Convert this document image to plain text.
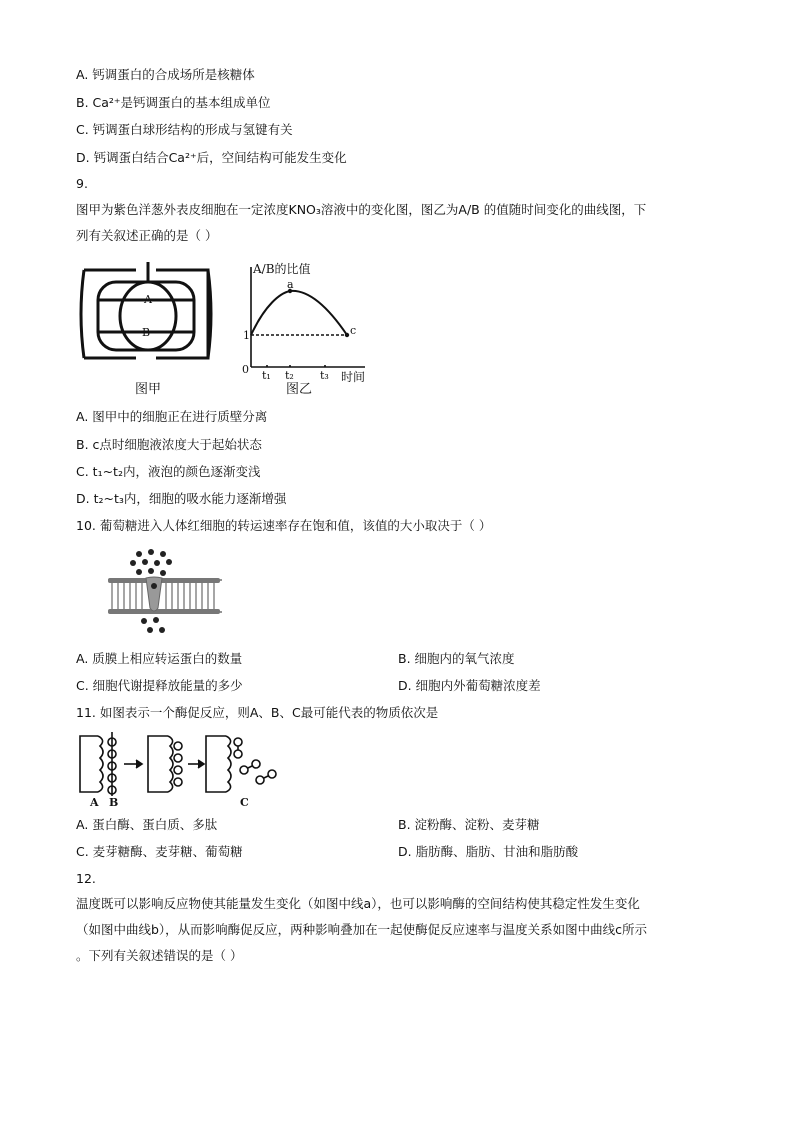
A. 钙调蛋白的合成场所是核糖体
B. Ca²⁺是钙调蛋白的基本组成单位
C. 钙调蛋白球形结构的形成与氢键有关
D. 钙调蛋白结合Ca²⁺后，空间结构可能发生变化
9.
图甲为紫色洋葱外表皮细胞在一定浓度KNO₃溶液中的变化图，图乙为A/B 的值随时间变化的曲线图，下
列有关叙述正确的是（ ）
A
B
图甲
A/B的比值
1
0
a
c
t₁ t₂ t₃ 时间
图乙
A. 图甲中的细胞正在进行质壁分离
B. c点时细胞液浓度大于起始状态
C. t₁~t₂内，液泡的颜色逐渐变浅
D. t₂~t₃内，细胞的吸水能力逐渐增强
10. 葡萄糖进入人体红细胞的转运速率存在饱和值，该值的大小取决于（ ）
A. 质膜上相应转运蛋白的数量	B. 细胞内的氧气浓度
C. 细胞代谢提释放能量的多少	D. 细胞内外葡萄糖浓度差
11. 如图表示一个酶促反应，则A、B、C最可能代表的物质依次是
A B	C
A. 蛋白酶、蛋白质、多肽	B. 淀粉酶、淀粉、麦芽糖
C. 麦芽糖酶、麦芽糖、葡萄糖	D. 脂肪酶、脂肪、甘油和脂肪酸
12.
温度既可以影响反应物使其能量发生变化（如图中线a），也可以影响酶的空间结构使其稳定性发生变化
（如图中曲线b），从而影响酶促反应，两种影响叠加在一起使酶促反应速率与温度关系如图中曲线c所示
。下列有关叙述错误的是（ ）
